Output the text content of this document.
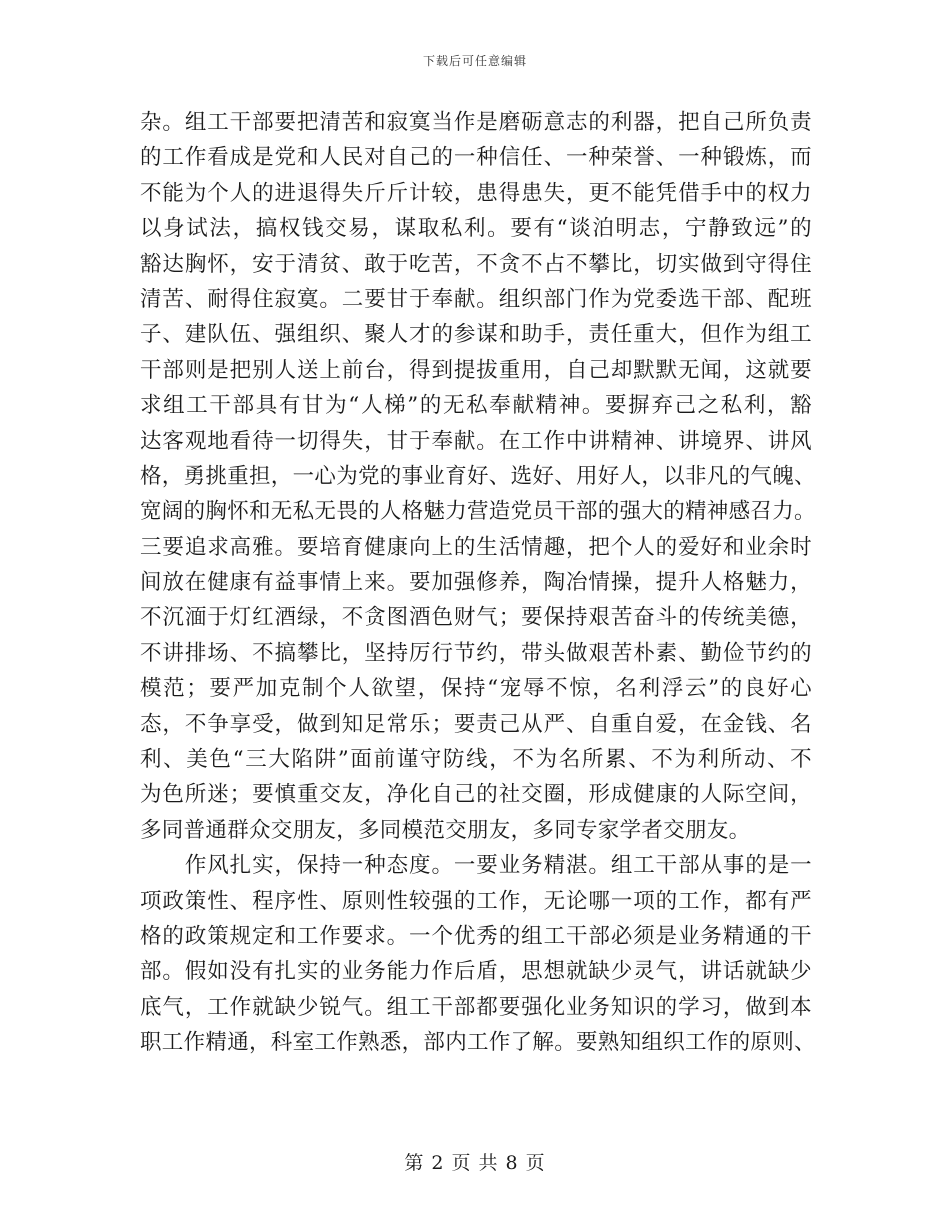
下载后可任意编辑
杂。组工干部要把清苦和寂寞当作是磨砺意志的利器，把自己所负责
的工作看成是党和人民对自己的一种信任、一种荣誉、一种锻炼，而
不能为个人的进退得失斤斤计较，患得患失，更不能凭借手中的权力
以身试法，搞权钱交易，谋取私利。要有“谈泊明志，宁静致远”的
豁达胸怀，安于清贫、敢于吃苦，不贪不占不攀比，切实做到守得住
清苦、耐得住寂寞。二要甘于奉献。组织部门作为党委选干部、配班
子、建队伍、强组织、聚人才的参谋和助手，责任重大，但作为组工
干部则是把别人送上前台，得到提拔重用，自己却默默无闻，这就要
求组工干部具有甘为“人梯”的无私奉献精神。要摒弃己之私利，豁
达客观地看待一切得失，甘于奉献。在工作中讲精神、讲境界、讲风
格，勇挑重担，一心为党的事业育好、选好、用好人，以非凡的气魄、
宽阔的胸怀和无私无畏的人格魅力营造党员干部的强大的精神感召力。
三要追求高雅。要培育健康向上的生活情趣，把个人的爱好和业余时
间放在健康有益事情上来。要加强修养，陶冶情操，提升人格魅力，
不沉湎于灯红酒绿，不贪图酒色财气；要保持艰苦奋斗的传统美德，
不讲排场、不搞攀比，坚持厉行节约，带头做艰苦朴素、勤俭节约的
模范；要严加克制个人欲望，保持“宠辱不惊，名利浮云”的良好心
态，不争享受，做到知足常乐；要责己从严、自重自爱，在金钱、名
利、美色“三大陷阱”面前谨守防线，不为名所累、不为利所动、不
为色所迷；要慎重交友，净化自己的社交圈，形成健康的人际空间，
多同普通群众交朋友，多同模范交朋友，多同专家学者交朋友。
　　作风扎实，保持一种态度。一要业务精湛。组工干部从事的是一
项政策性、程序性、原则性较强的工作，无论哪一项的工作，都有严
格的政策规定和工作要求。一个优秀的组工干部必须是业务精通的干
部。假如没有扎实的业务能力作后盾，思想就缺少灵气，讲话就缺少
底气，工作就缺少锐气。组工干部都要强化业务知识的学习，做到本
职工作精通，科室工作熟悉，部内工作了解。要熟知组织工作的原则、
第 2 页 共 8 页
